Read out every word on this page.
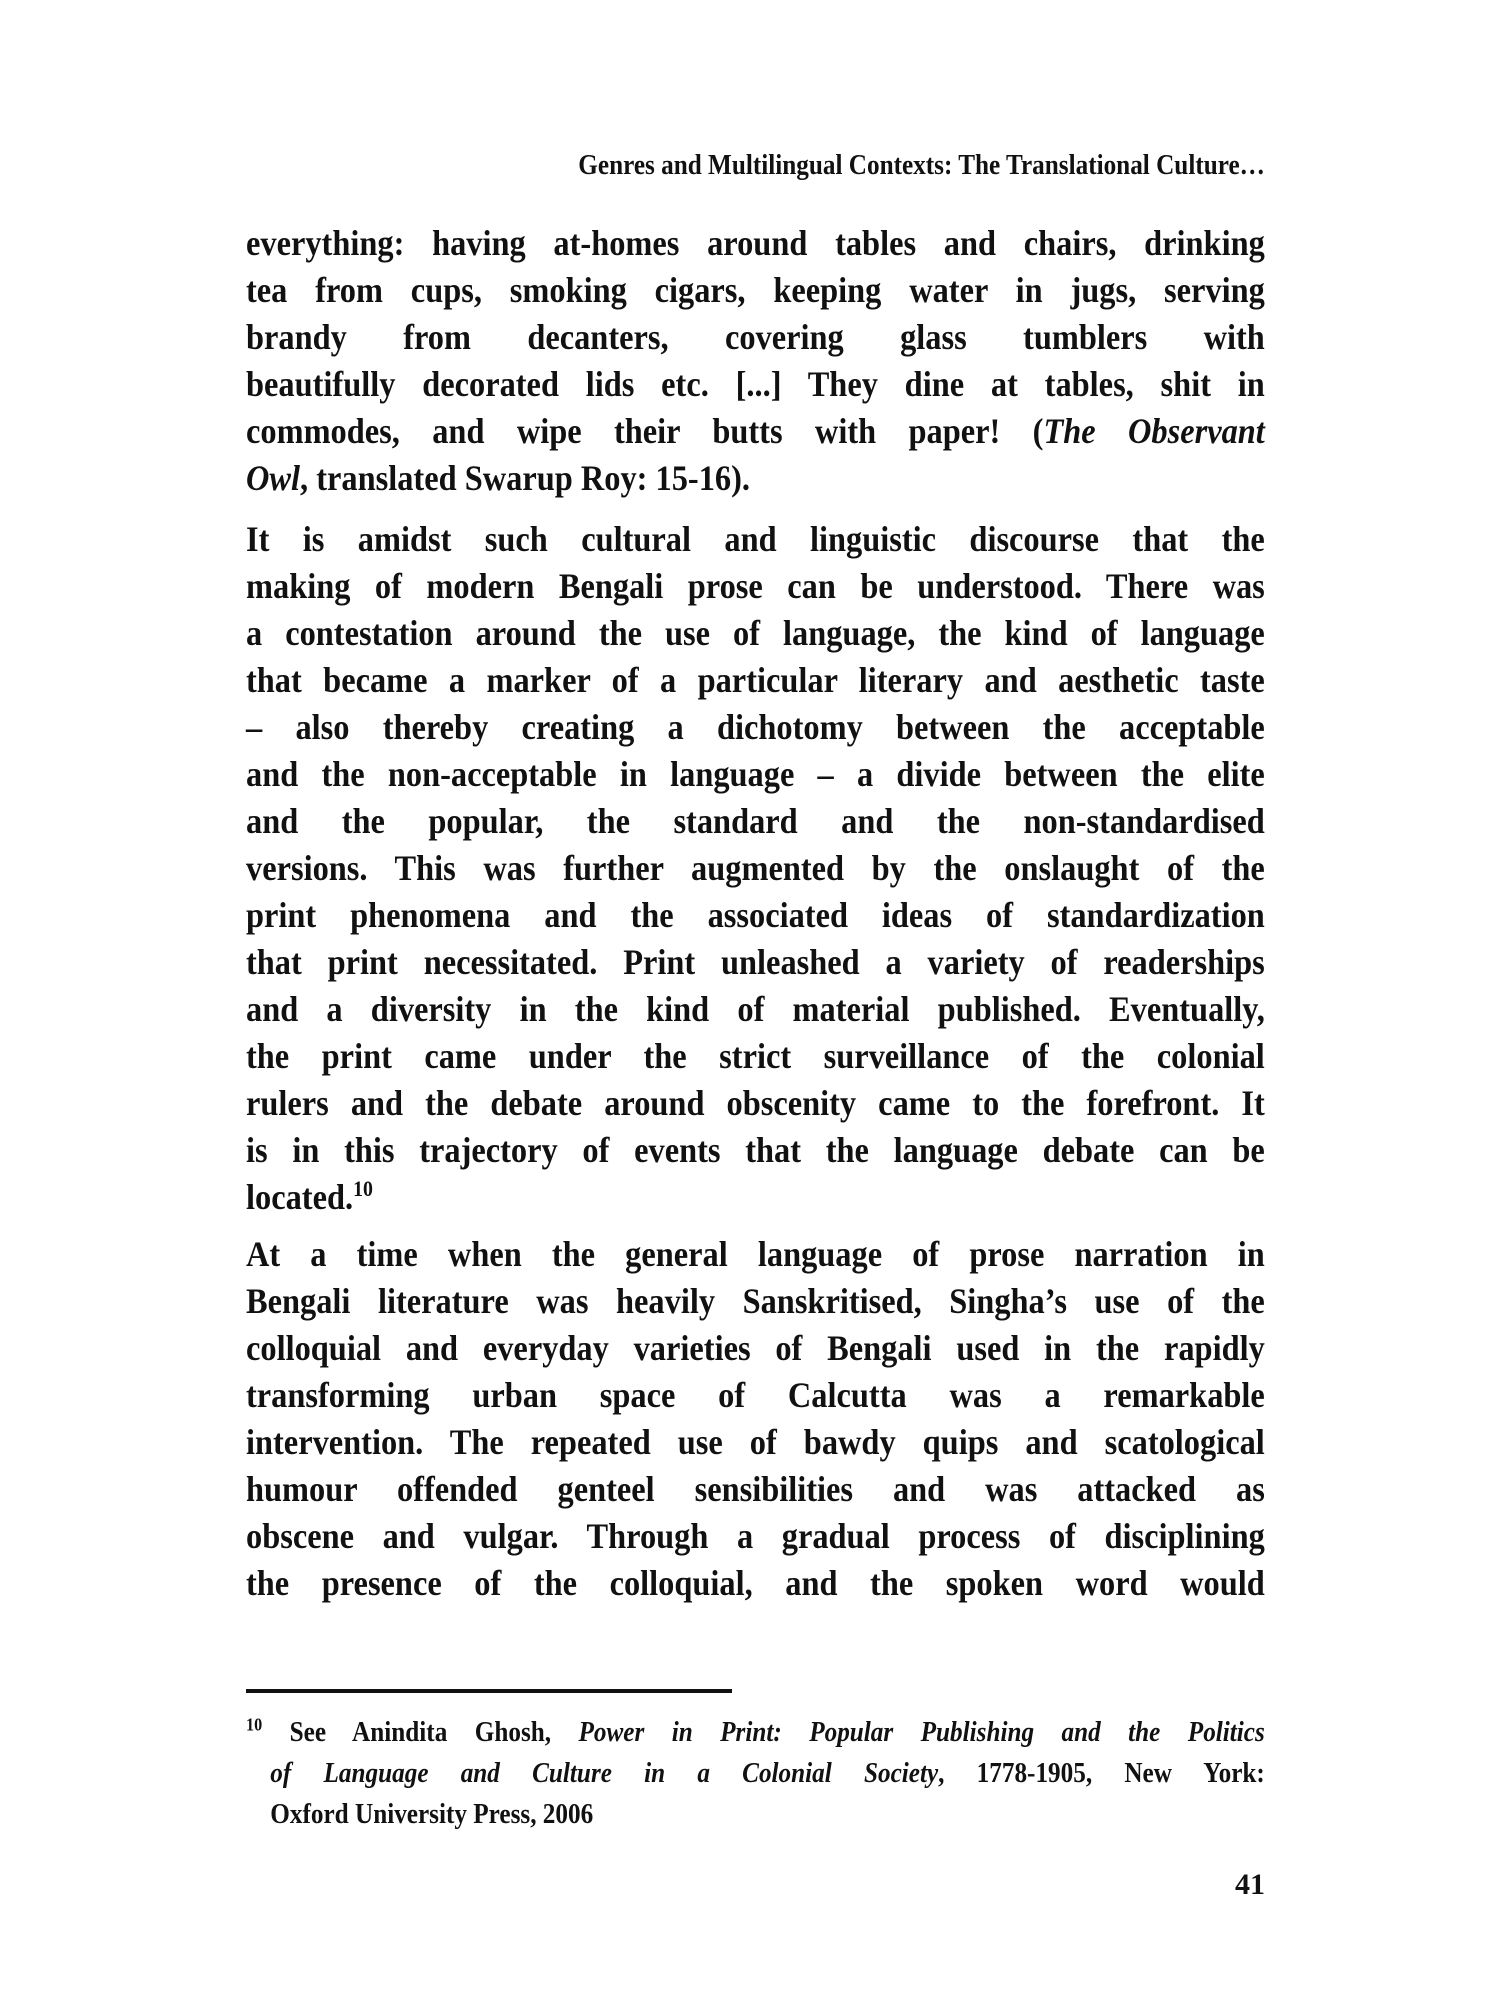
Genres and Multilingual Contexts: The Translational Culture…
everything: having at-homes around tables and chairs, drinking
tea from cups, smoking cigars, keeping water in jugs, serving
brandy from decanters, covering glass tumblers with
beautifully decorated lids etc. [...] They dine at tables, shit in
commodes, and wipe their butts with paper! (The Observant
Owl, translated Swarup Roy: 15-16).
It is amidst such cultural and linguistic discourse that the
making of modern Bengali prose can be understood. There was
a contestation around the use of language, the kind of language
that became a marker of a particular literary and aesthetic taste
– also thereby creating a dichotomy between the acceptable
and the non-acceptable in language – a divide between the elite
and the popular, the standard and the non-standardised
versions. This was further augmented by the onslaught of the
print phenomena and the associated ideas of standardization
that print necessitated. Print unleashed a variety of readerships
and a diversity in the kind of material published. Eventually,
the print came under the strict surveillance of the colonial
rulers and the debate around obscenity came to the forefront. It
is in this trajectory of events that the language debate can be
located.$^{10}$
At a time when the general language of prose narration in
Bengali literature was heavily Sanskritised, Singha’s use of the
colloquial and everyday varieties of Bengali used in the rapidly
transforming urban space of Calcutta was a remarkable
intervention. The repeated use of bawdy quips and scatological
humour offended genteel sensibilities and was attacked as
obscene and vulgar. Through a gradual process of disciplining
the presence of the colloquial, and the spoken word would
$^{10}$ See Anindita Ghosh, Power in Print: Popular Publishing and the Politics
of Language and Culture in a Colonial Society, 1778-1905, New York:
Oxford University Press, 2006
41
